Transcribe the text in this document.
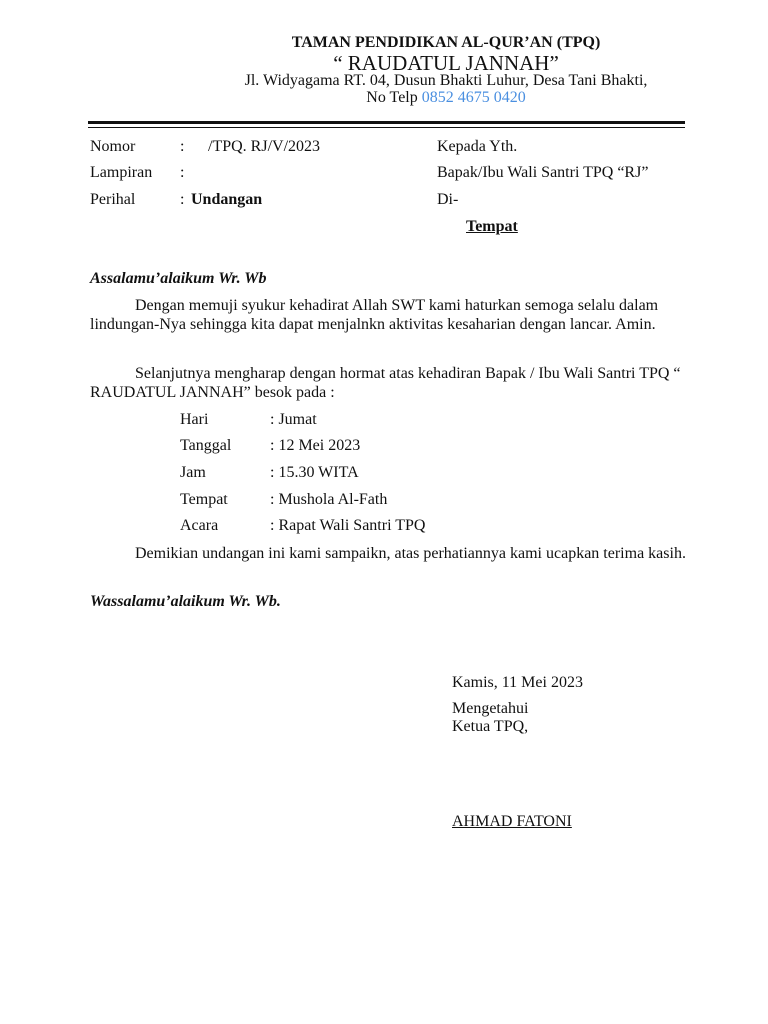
TAMAN PENDIDIKAN AL-QUR’AN (TPQ)
“ RAUDATUL JANNAH”
Jl. Widyagama RT. 04, Dusun Bhakti Luhur, Desa Tani Bhakti,
No Telp 0852 4675 0420
Nomor	: /TPQ. RJ/V/2023
Lampiran :
Perihal	: Undangan
Kepada Yth.
Bapak/Ibu Wali Santri TPQ “RJ”
Di-
Tempat
Assalamu’alaikum Wr. Wb
Dengan memuji syukur kehadirat Allah SWT kami haturkan semoga selalu dalam lindungan-Nya sehingga kita dapat menjalnkn aktivitas kesaharian dengan lancar. Amin.
Selanjutnya mengharap dengan hormat atas kehadiran Bapak / Ibu Wali Santri TPQ “ RAUDATUL JANNAH” besok pada :
Hari	: Jumat
Tanggal : 12 Mei 2023
Jam	: 15.30 WITA
Tempat	: Mushola Al-Fath
Acara	: Rapat Wali Santri TPQ
Demikian undangan ini kami sampaikn, atas perhatiannya kami ucapkan terima kasih.
Wassalamu’alaikum Wr. Wb.
Kamis, 11 Mei 2023
Mengetahui
Ketua TPQ,
AHMAD FATONI
